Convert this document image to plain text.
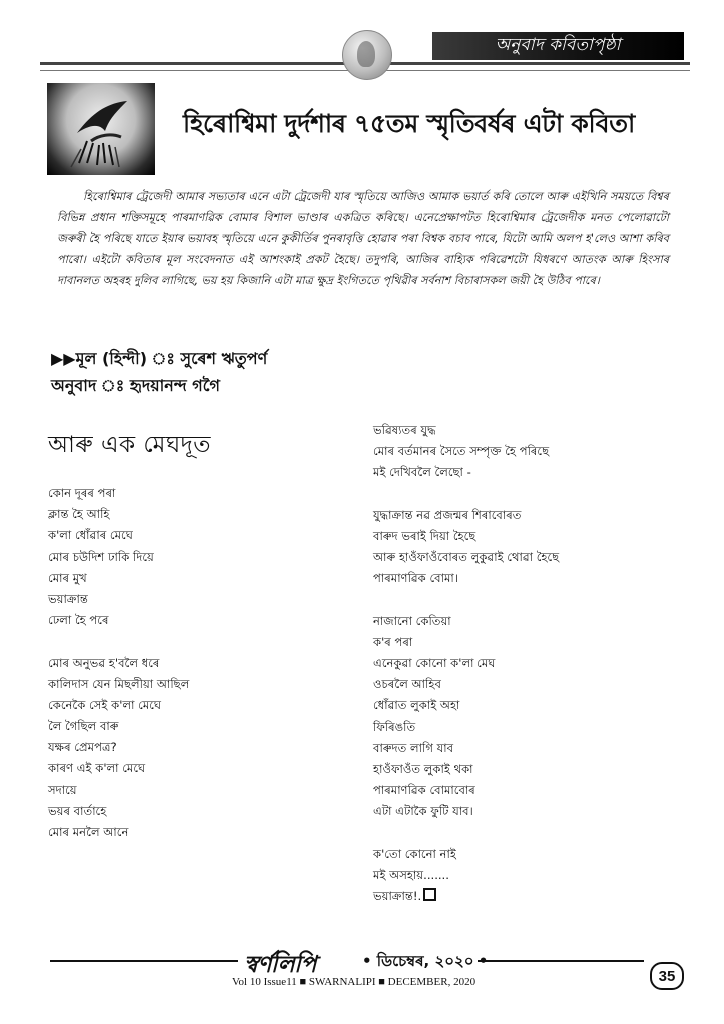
অনুবাদ কবিতাপৃষ্ঠা
হিৰোশ্বিমা দুৰ্দশাৰ ৭৫তম স্মৃতিবৰ্ষৰ এটা কবিতা
হিৰোশ্বিমাৰ ট্ৰেজেদী আমাৰ সভ্যতাৰ এনে এটা ট্ৰেজেদী যাৰ স্মৃতিয়ে আজিও আমাক ভয়াৰ্ত কৰি তোলে আৰু এইখিনি সময়তে বিশ্বৰ বিভিন্ন প্ৰধান শক্তিসমূহে পাৰমাণৱিক বোমাৰ বিশাল ভাণ্ডাৰ একত্ৰিত কৰিছে। এনেপ্ৰেক্ষাপটত হিৰোশ্বিমাৰ ট্ৰেজেদীক মনত পেলোৱাটো জৰুৰী হৈ পৰিছে যাতে ইয়াৰ ভয়াবহ স্মৃতিয়ে এনে কুকীৰ্তিৰ পুনৰাবৃত্তি হোৱাৰ পৰা বিশ্বক বচাব পাৰে, যিটো আমি অলপ হ'লেও আশা কৰিব পাৰো। এইটো কবিতাৰ মূল সংবেদনাত এই আশংকাই প্ৰকট হৈছে। তদুপৰি, আজিৰ বাহ্যিক পৰিৱেশটো যিধৰণে আতংক আৰু হিংসাৰ দাবানলত অহৰহ দুলিব লাগিছে, ভয় হয় কিজানি এটা মাত্ৰ ক্ষুদ্ৰ ইংগিততে পৃথিৱীৰ সৰ্বনাশ বিচাৰাসকল জয়ী হৈ উঠিব পাৰে।
▶▶মূল (হিন্দী) ঃ সুৰেশ ঋতুপৰ্ণ
অনুবাদ ঃ হৃদয়ানন্দ গগৈ
আৰু এক মেঘদূত
কোন দূৰৰ পৰা
ক্লান্ত হৈ আহি
ক'লা ধোঁৱাৰ মেঘে
মোৰ চউদিশ ঢাকি দিয়ে
মোৰ মুখ
ভয়াক্ৰান্ত
ঢেলা হৈ পৰে
মোৰ অনুভৱ হ'বলৈ ধৰে
কালিদাস যেন মিছলীয়া আছিল
কেনেকৈ সেই ক'লা মেঘে
লৈ গৈছিল বাৰু
যক্ষৰ প্ৰেমপত্ৰ?
কাৰণ এই ক'লা মেঘে
সদায়ে
ভয়ৰ বাৰ্তাহে
মোৰ মনলৈ আনে
ভৱিষ্যতৰ যুদ্ধ
মোৰ বৰ্তমানৰ সৈতে সম্পৃক্ত হৈ পৰিছে
মই দেখিবলৈ লৈছো -
যুদ্ধাক্ৰান্ত নৱ প্ৰজন্মৰ শিৰাবোৰত
বাৰুদ ভৰাই দিয়া হৈছে
আৰু হাওঁফাওঁবোৰত লুকুৱাই থোৱা হৈছে
পাৰমাণৱিক বোমা।
নাজানো কেতিয়া
ক'ৰ পৰা
এনেকুৱা কোনো ক'লা মেঘ
ওচৰলৈ আহিব
ধোঁৱাত লুকাই অহা
ফিৰিঙতি
বাৰুদত লাগি যাব
হাওঁফাওঁত লুকাই থকা
পাৰমাণৱিক বোমাবোৰ
এটা এটাকৈ ফুটি যাব।
ক'তো কোনো নাই
মই অসহায়.......
ভয়াক্ৰান্ত!.
স্বৰ্ণলিপি	• ডিচেম্বৰ, ২০২০ •
Vol 10 Issue11 ■ SWARNALIPI ■ DECEMBER, 2020	35
